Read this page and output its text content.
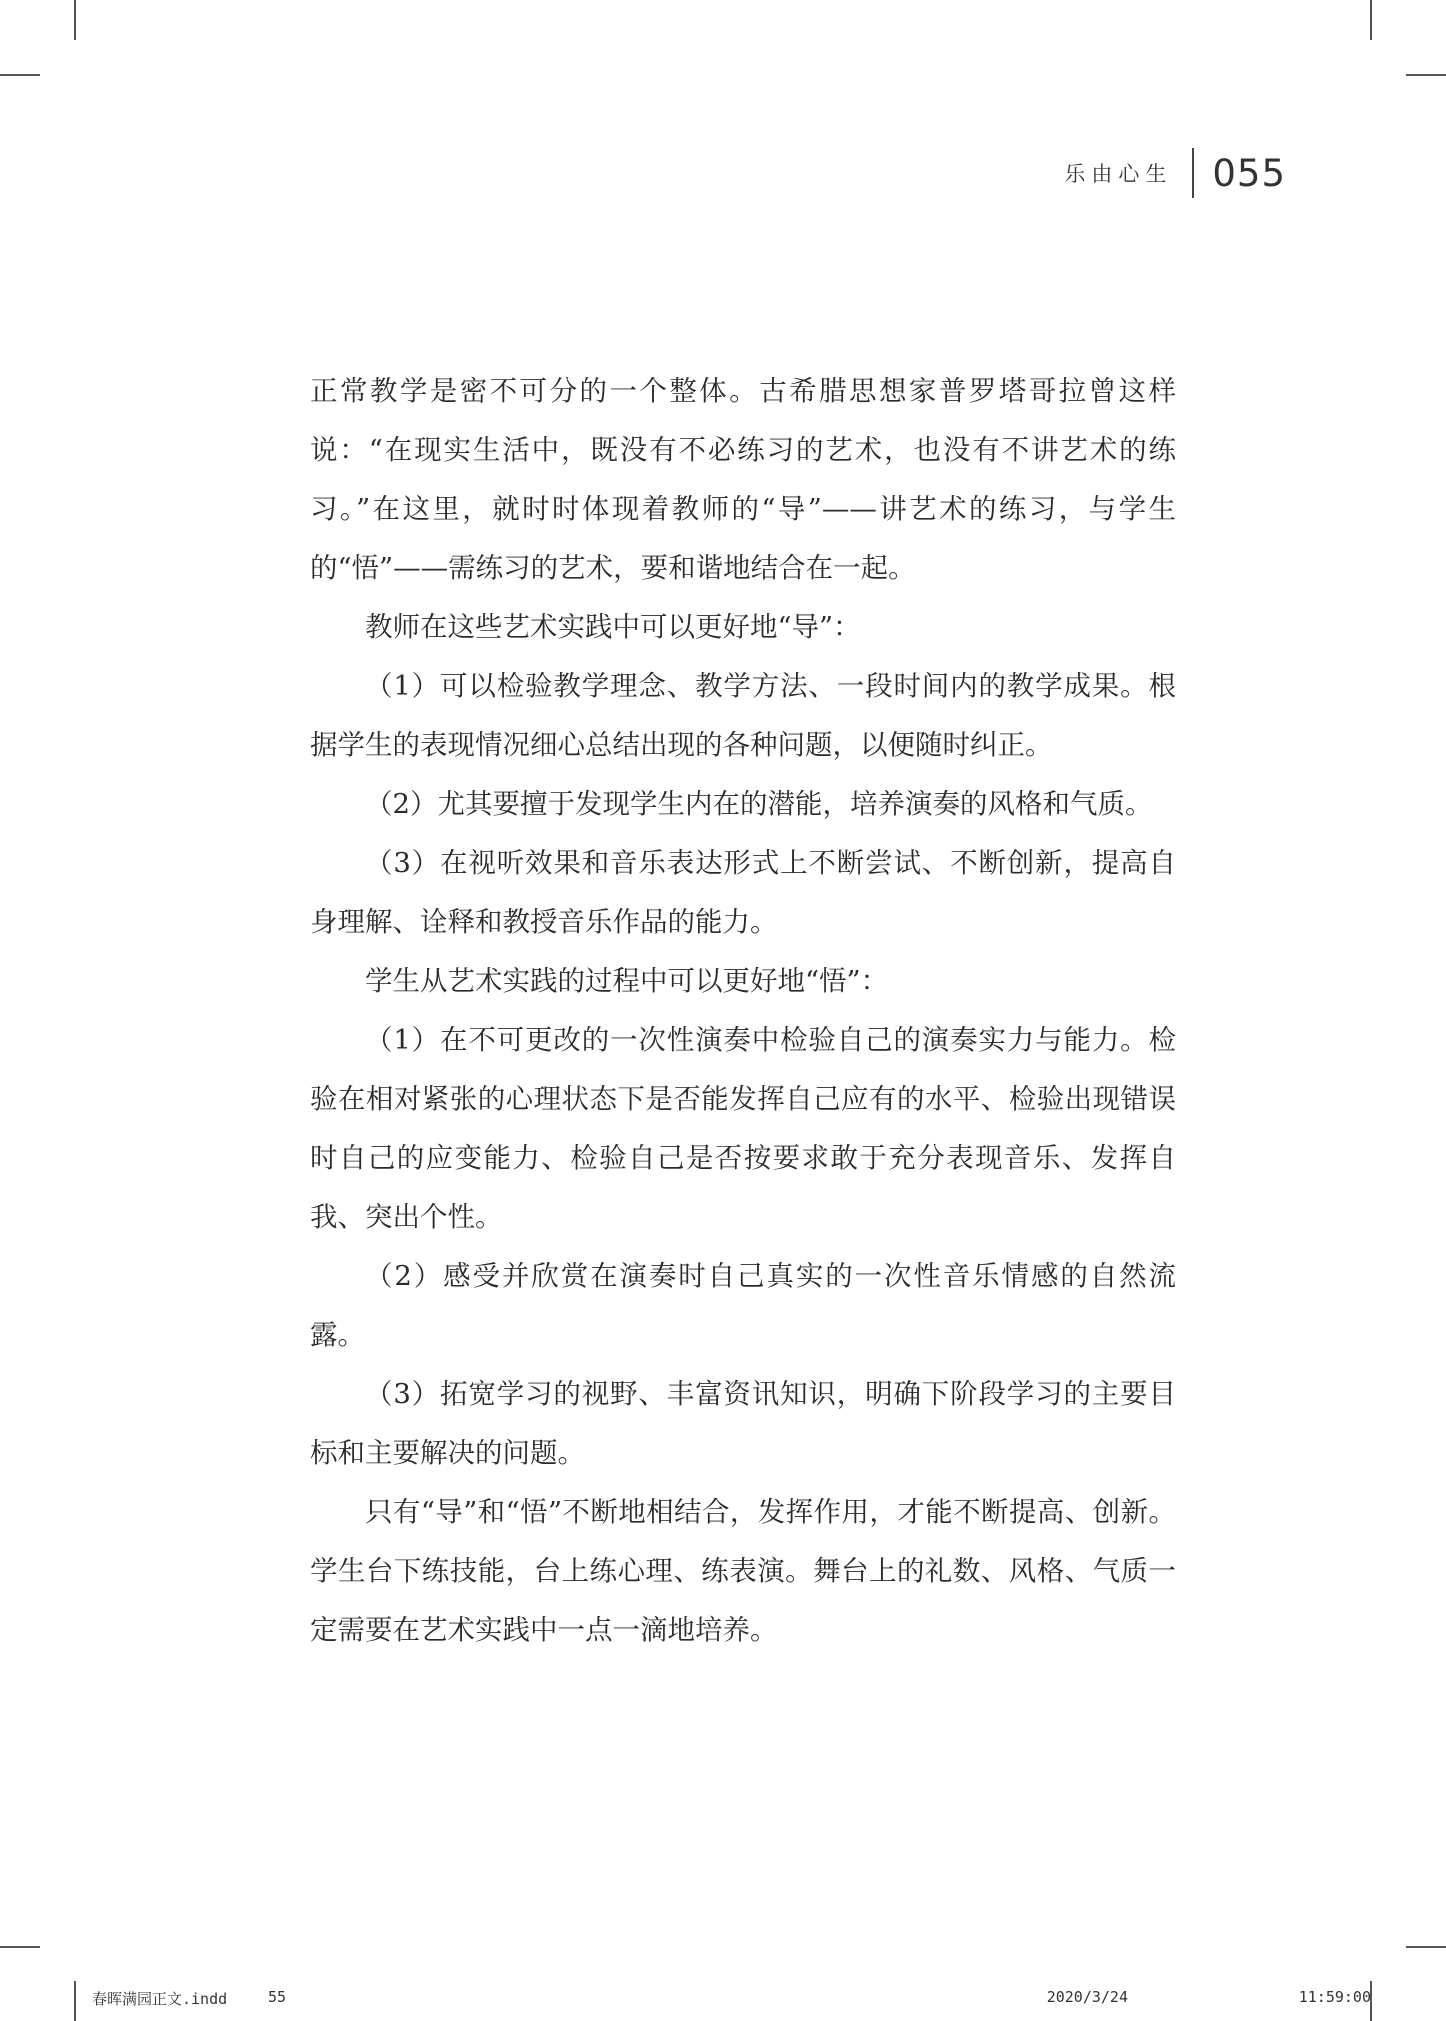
乐由心生 055

正常教学是密不可分的一个整体。古希腊思想家普罗塔哥拉曾这样说：“在现实生活中，既没有不必练习的艺术，也没有不讲艺术的练习。”在这里，就时时体现着教师的“导”——讲艺术的练习，与学生的“悟”——需练习的艺术，要和谐地结合在一起。

教师在这些艺术实践中可以更好地“导”：

（1）可以检验教学理念、教学方法、一段时间内的教学成果。根据学生的表现情况细心总结出现的各种问题，以便随时纠正。

（2）尤其要擅于发现学生内在的潜能，培养演奏的风格和气质。

（3）在视听效果和音乐表达形式上不断尝试、不断创新，提高自身理解、诠释和教授音乐作品的能力。

学生从艺术实践的过程中可以更好地“悟”：

（1）在不可更改的一次性演奏中检验自己的演奏实力与能力。检验在相对紧张的心理状态下是否能发挥自己应有的水平、检验出现错误时自己的应变能力、检验自己是否按要求敢于充分表现音乐、发挥自我、突出个性。

（2）感受并欣赏在演奏时自己真实的一次性音乐情感的自然流露。

（3）拓宽学习的视野、丰富资讯知识，明确下阶段学习的主要目标和主要解决的问题。

只有“导”和“悟”不断地相结合，发挥作用，才能不断提高、创新。学生台下练技能，台上练心理、练表演。舞台上的礼数、风格、气质一定需要在艺术实践中一点一滴地培养。

春晖满园正文.indd	55	2020/3/24	11:59:00
